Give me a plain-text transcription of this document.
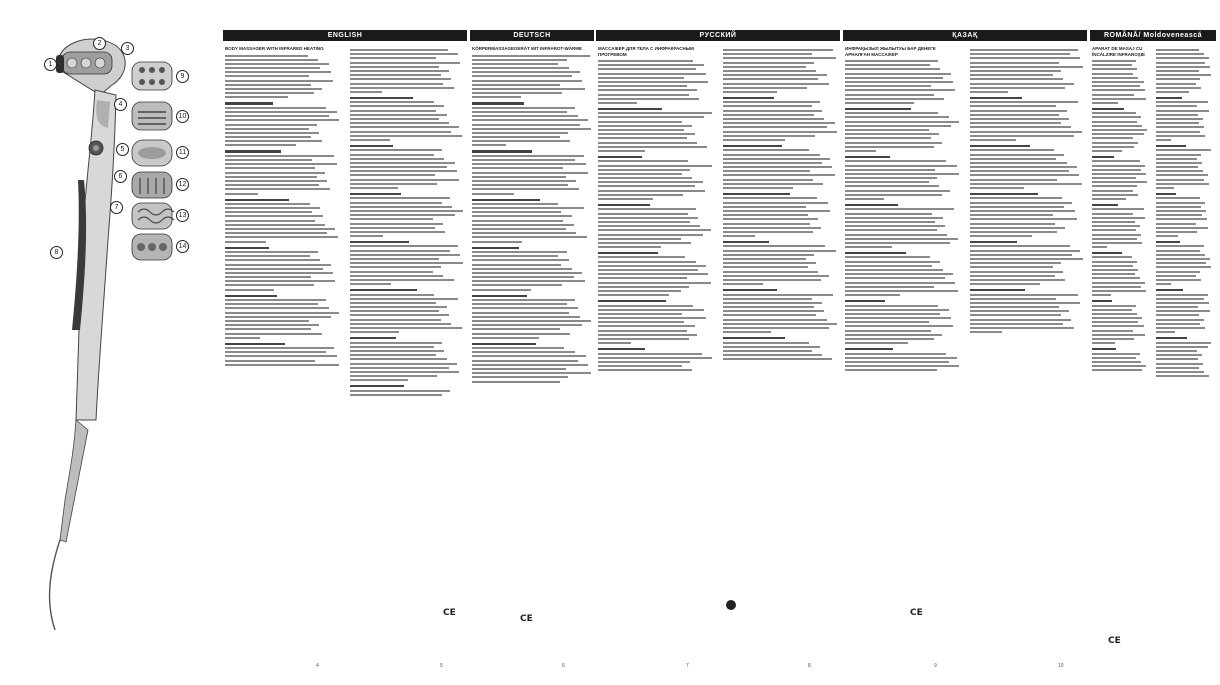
1
2
3
4
5
6
7
8
9
10
11
12
13
14
ENGLISH
BODY MASSAGER WITH INFRARED HEATING
DEUTSCH
KÖRPERMASSAGEGERÄT MIT INFRAROT-WÄRME
РУССКИЙ
МАССАЖЕР ДЛЯ ТЕЛА С ИНФРАКРАСНЫМ ПРОГРЕВОМ
ҚАЗАҚ
ИНФРАҚЫЗЫЛ ЖЫЛЫТУЫ БАР ДЕНЕГЕ АРНАЛҒАН МАССАЖЕР
ROMÂNĂ/ Moldovenească
APARAT DE MASAJ CU ÎNCĂLZIRE INFRAROŞIE
CE
CE
CE
CE
4	5	6	7	8	9	10
